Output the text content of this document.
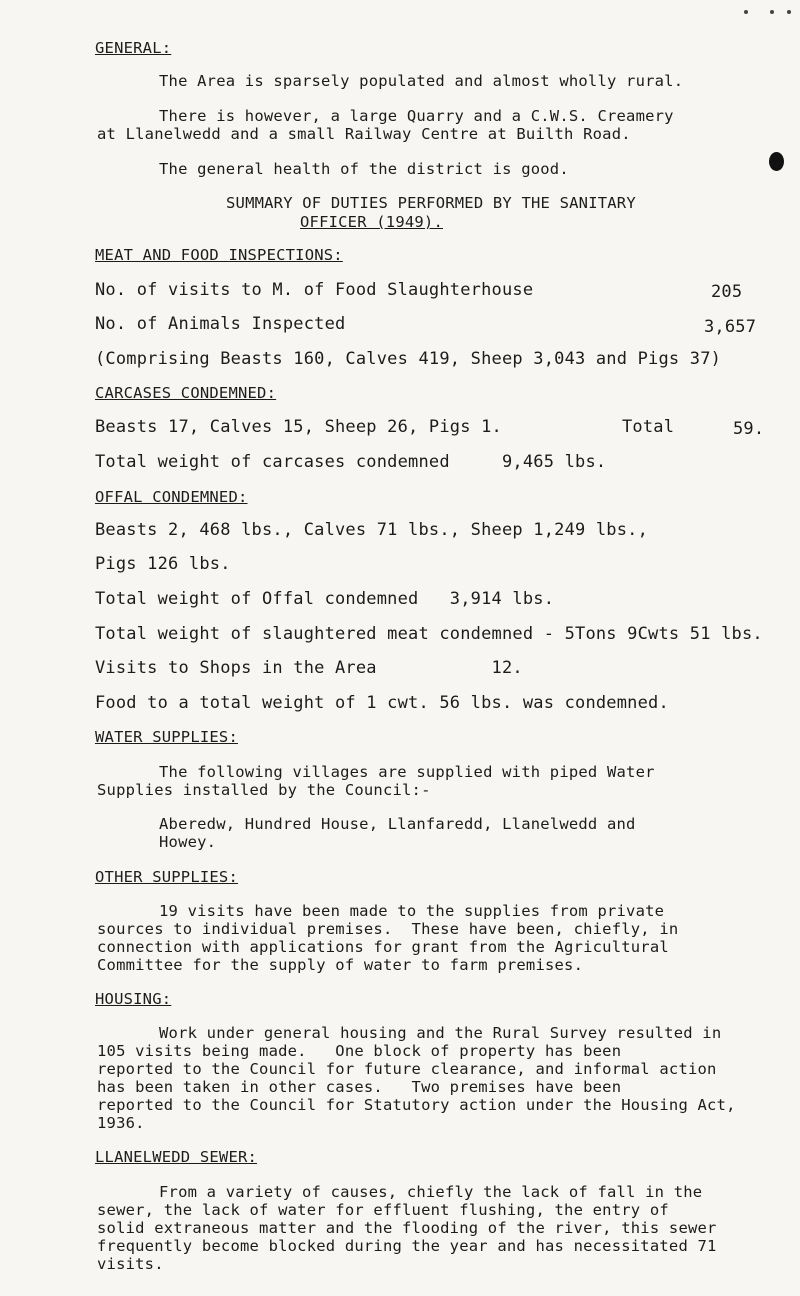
GENERAL:
The Area is sparsely populated and almost wholly rural.
There is however, a large Quarry and a C.W.S. Creamery
at Llanelwedd and a small Railway Centre at Builth Road.
The general health of the district is good.
SUMMARY OF DUTIES PERFORMED BY THE SANITARY
OFFICER (1949).
MEAT AND FOOD INSPECTIONS:
No. of visits to M. of Food Slaughterhouse	205
No. of Animals Inspected	3,657
(Comprising Beasts 160, Calves 419, Sheep 3,043 and Pigs 37)
CARCASES CONDEMNED:
Beasts 17, Calves 15, Sheep 26, Pigs 1.	Total	59.
Total weight of carcases condemned     9,465 lbs.
OFFAL CONDEMNED:
Beasts 2, 468 lbs., Calves 71 lbs., Sheep 1,249 lbs.,
Pigs 126 lbs.
Total weight of Offal condemned   3,914 lbs.
Total weight of slaughtered meat condemned - 5Tons 9Cwts 51 lbs.
Visits to Shops in the Area           12.
Food to a total weight of 1 cwt. 56 lbs. was condemned.
WATER SUPPLIES:
The following villages are supplied with piped Water
Supplies installed by the Council:-
Aberedw, Hundred House, Llanfaredd, Llanelwedd and
Howey.
OTHER SUPPLIES:
19 visits have been made to the supplies from private
sources to individual premises.  These have been, chiefly, in
connection with applications for grant from the Agricultural
Committee for the supply of water to farm premises.
HOUSING:
Work under general housing and the Rural Survey resulted in
105 visits being made.   One block of property has been
reported to the Council for future clearance, and informal action
has been taken in other cases.   Two premises have been
reported to the Council for Statutory action under the Housing Act,
1936.
LLANELWEDD SEWER:
From a variety of causes, chiefly the lack of fall in the
sewer, the lack of water for effluent flushing, the entry of
solid extraneous matter and the flooding of the river, this sewer
frequently become blocked during the year and has necessitated 71
visits.
